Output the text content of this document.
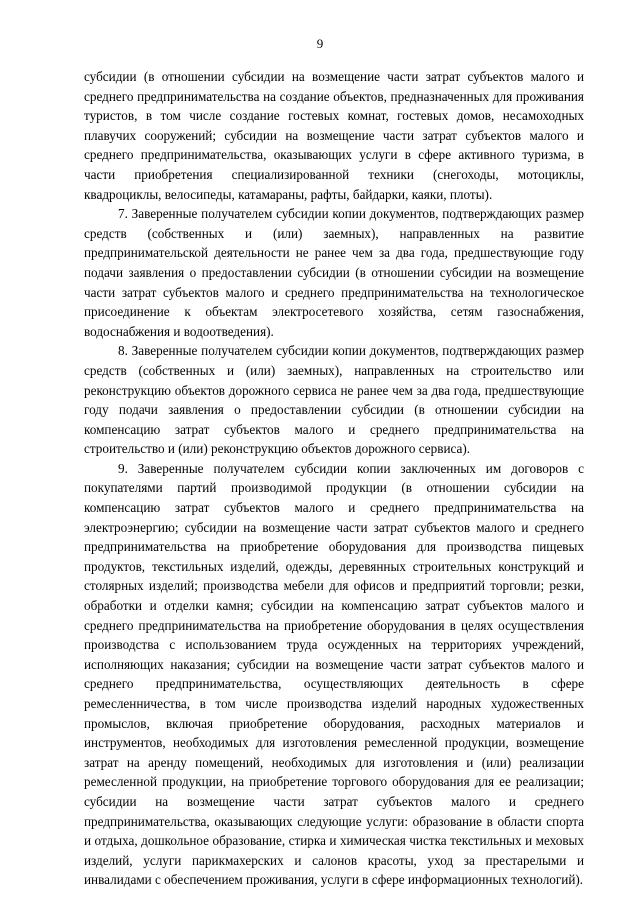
9

субсидии (в отношении субсидии на возмещение части затрат субъектов малого и среднего предпринимательства на создание объектов, предназначенных для проживания туристов, в том числе создание гостевых комнат, гостевых домов, несамоходных плавучих сооружений; субсидии на возмещение части затрат субъектов малого и среднего предпринимательства, оказывающих услуги в сфере активного туризма, в части приобретения специализированной техники (снегоходы, мотоциклы, квадроциклы, велосипеды, катамараны, рафты, байдарки, каяки, плоты).

7. Заверенные получателем субсидии копии документов, подтверждающих размер средств (собственных и (или) заемных), направленных на развитие предпринимательской деятельности не ранее чем за два года, предшествующие году подачи заявления о предоставлении субсидии (в отношении субсидии на возмещение части затрат субъектов малого и среднего предпринимательства на технологическое присоединение к объектам электросетевого хозяйства, сетям газоснабжения, водоснабжения и водоотведения).

8. Заверенные получателем субсидии копии документов, подтверждающих размер средств (собственных и (или) заемных), направленных на строительство или реконструкцию объектов дорожного сервиса не ранее чем за два года, предшествующие году подачи заявления о предоставлении субсидии (в отношении субсидии на компенсацию затрат субъектов малого и среднего предпринимательства на строительство и (или) реконструкцию объектов дорожного сервиса).

9. Заверенные получателем субсидии копии заключенных им договоров с покупателями партий производимой продукции (в отношении субсидии на компенсацию затрат субъектов малого и среднего предпринимательства на электроэнергию; субсидии на возмещение части затрат субъектов малого и среднего предпринимательства на приобретение оборудования для производства пищевых продуктов, текстильных изделий, одежды, деревянных строительных конструкций и столярных изделий; производства мебели для офисов и предприятий торговли; резки, обработки и отделки камня; субсидии на компенсацию затрат субъектов малого и среднего предпринимательства на приобретение оборудования в целях осуществления производства с использованием труда осужденных на территориях учреждений, исполняющих наказания; субсидии на возмещение части затрат субъектов малого и среднего предпринимательства, осуществляющих деятельность в сфере ремесленничества, в том числе производства изделий народных художественных промыслов, включая приобретение оборудования, расходных материалов и инструментов, необходимых для изготовления ремесленной продукции, возмещение затрат на аренду помещений, необходимых для изготовления и (или) реализации ремесленной продукции, на приобретение торгового оборудования для ее реализации; субсидии на возмещение части затрат субъектов малого и среднего предпринимательства, оказывающих следующие услуги: образование в области спорта и отдыха, дошкольное образование, стирка и химическая чистка текстильных и меховых изделий, услуги парикмахерских и салонов красоты, уход за престарелыми и инвалидами с обеспечением проживания, услуги в сфере информационных технологий).
